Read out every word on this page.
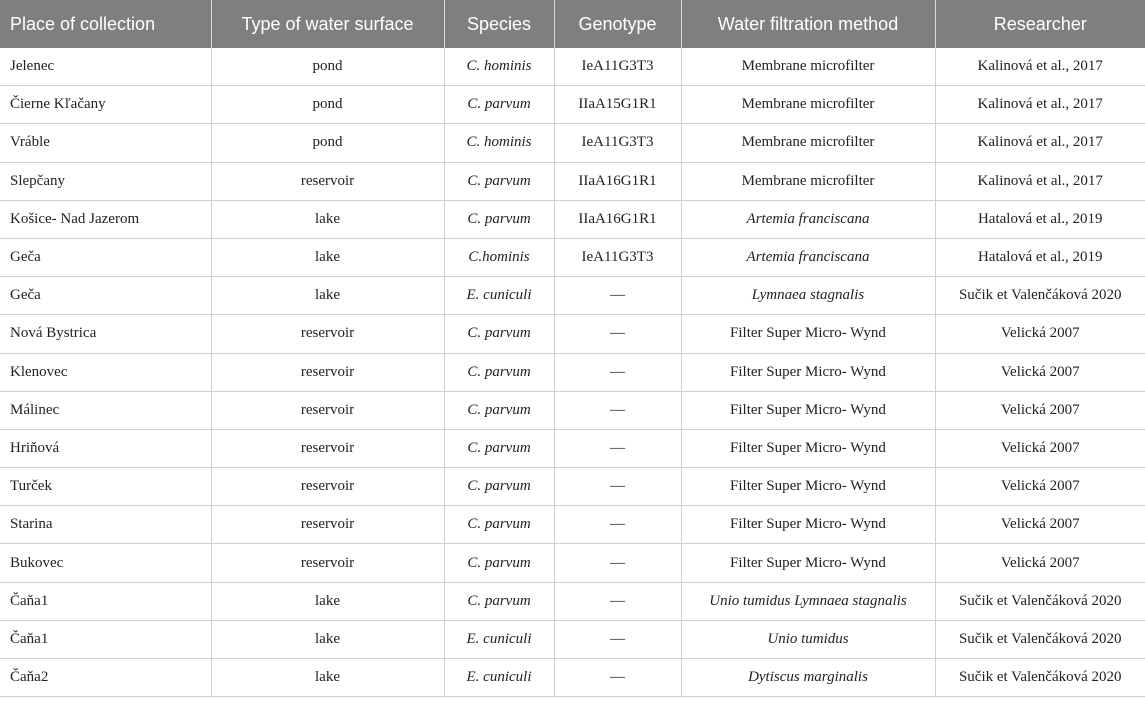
Place of collection	Type of water surface	Species	Genotype	Water filtration method	Researcher
Jelenec	pond	C. hominis	IeA11G3T3	Membrane microfilter	Kalinová et al., 2017
Čierne Kľačany	pond	C. parvum	IIaA15G1R1	Membrane microfilter	Kalinová et al., 2017
Vráble	pond	C. hominis	IeA11G3T3	Membrane microfilter	Kalinová et al., 2017
Slepčany	reservoir	C. parvum	IIaA16G1R1	Membrane microfilter	Kalinová et al., 2017
Košice- Nad Jazerom	lake	C. parvum	IIaA16G1R1	Artemia franciscana	Hatalová et al., 2019
Geča	lake	C.hominis	IeA11G3T3	Artemia franciscana	Hatalová et al., 2019
Geča	lake	E. cuniculi	—	Lymnaea stagnalis	Sučik et Valenčáková 2020
Nová Bystrica	reservoir	C. parvum	—	Filter Super Micro- Wynd	Velická 2007
Klenovec	reservoir	C. parvum	—	Filter Super Micro- Wynd	Velická 2007
Málinec	reservoir	C. parvum	—	Filter Super Micro- Wynd	Velická 2007
Hriňová	reservoir	C. parvum	—	Filter Super Micro- Wynd	Velická 2007
Turček	reservoir	C. parvum	—	Filter Super Micro- Wynd	Velická 2007
Starina	reservoir	C. parvum	—	Filter Super Micro- Wynd	Velická 2007
Bukovec	reservoir	C. parvum	—	Filter Super Micro- Wynd	Velická 2007
Čaňa1	lake	C. parvum	—	Unio tumidus Lymnaea stagnalis	Sučik et Valenčáková 2020
Čaňa1	lake	E. cuniculi	—	Unio tumidus	Sučik et Valenčáková 2020
Čaňa2	lake	E. cuniculi	—	Dytiscus marginalis	Sučik et Valenčáková 2020
